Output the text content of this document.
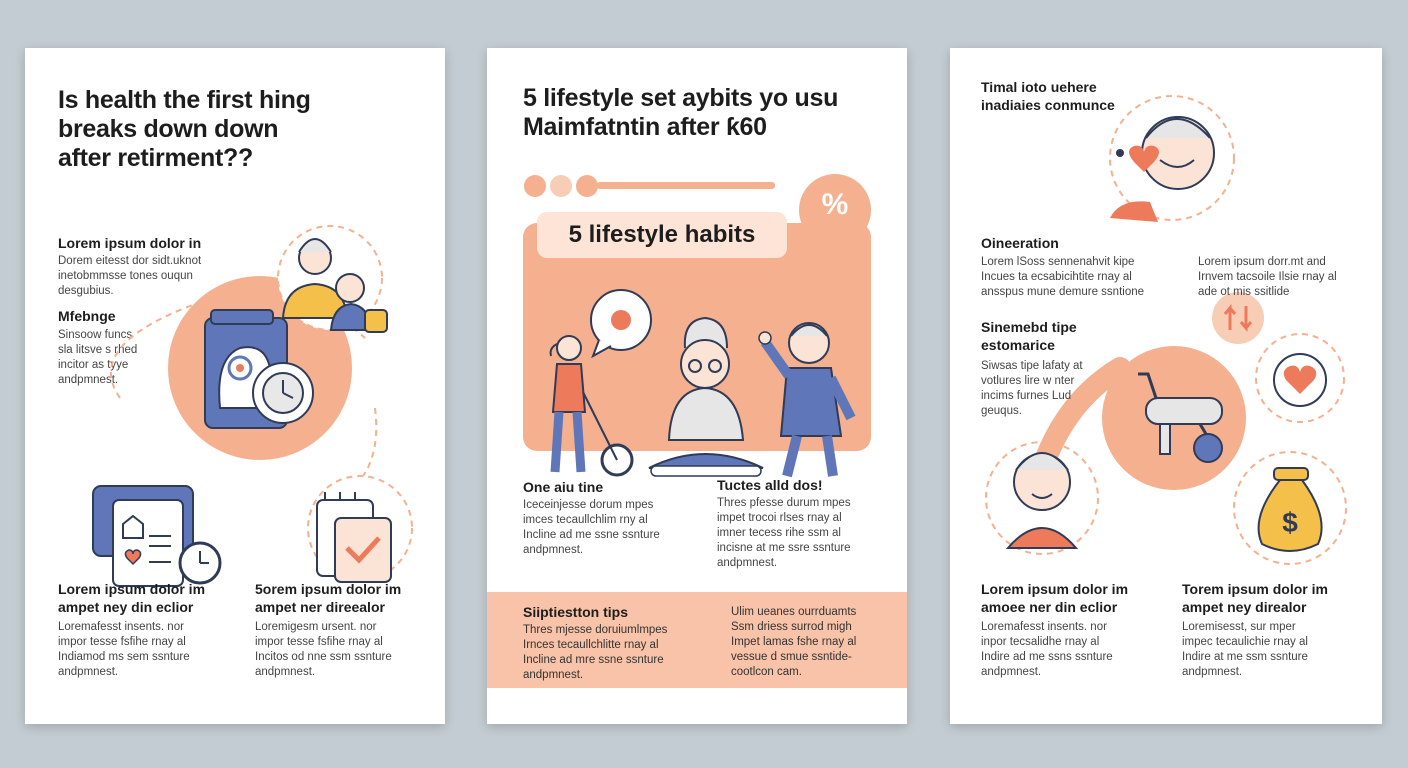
Is health the first hing
breaks down down
after retirment??
Lorem ipsum dolor in
Dorem eitesst dor sidt.uknot
inetobmmsse tones ouqun
desgubius.
Mfebnge
Sinsoow funcs
sla litsve s rhed
incitor as tyye
andpmnest.
Lorem ipsum dolor im
ampet ney din eclior
Loremafesst insents. nor
impor tesse fsfihe rnay al
Indiamod ms sem ssnture
andpmnest.
5orem ipsum dolor im
ampet ner direealor
Loremigesm ursent. nor
impor tesse fsfihe rnay al
Incitos od nne ssm ssnture
andpmnest.
5 lifestyle set aybits yo usu
Maimfatntin after ƙ60
%
5 lifestyle habits
One aiu tine
Iceceinjesse dorum mpes
imces tecaullchlim rny al
Incline ad me ssne ssnture
andpmnest.
Tuctes alld dos!
Thres pfesse durum mpes
impet trocoi rlses rnay al
imner tecess rihe ssm al
incisne at me ssre ssnture
andpmnest.
Siiptiestton tips
Thres mjesse doruiumlmpes
Irnces tecaullchlitte rnay al
Incline ad mre ssne ssnture
andpmnest.
Ulim ueanes ourrduamts
Ssm driess surrod migh
Impet lamas fshe rnay al
vessue d smue ssntide-
cootlcon cam.
Timal ioto uehere
inadiaies conmunce
$
Oineeration
Lorem lSoss sennenahvit kipe
Incues ta ecsabicihtite rnay al
ansspus mune demure ssntione
Lorem ipsum dorr.mt and
Irnvem tacsoile Ilsie rnay al
ade ot mis ssitlide
Sinemebd tipe
estomarice
Siwsas tipe lafaty at
votlures lire w nter
incims furnes Lud
geuqus.
Lorem ipsum dolor im
amoee ner din eclior
Loremafesst insents. nor
inpor tecsalidhe rnay al
Indire ad me ssns ssnture
andpmnest.
Torem ipsum dolor im
ampet ney direalor
Loremisesst, sur mper
impec tecaulichie rnay al
Indire at me ssm ssnture
andpmnest.
